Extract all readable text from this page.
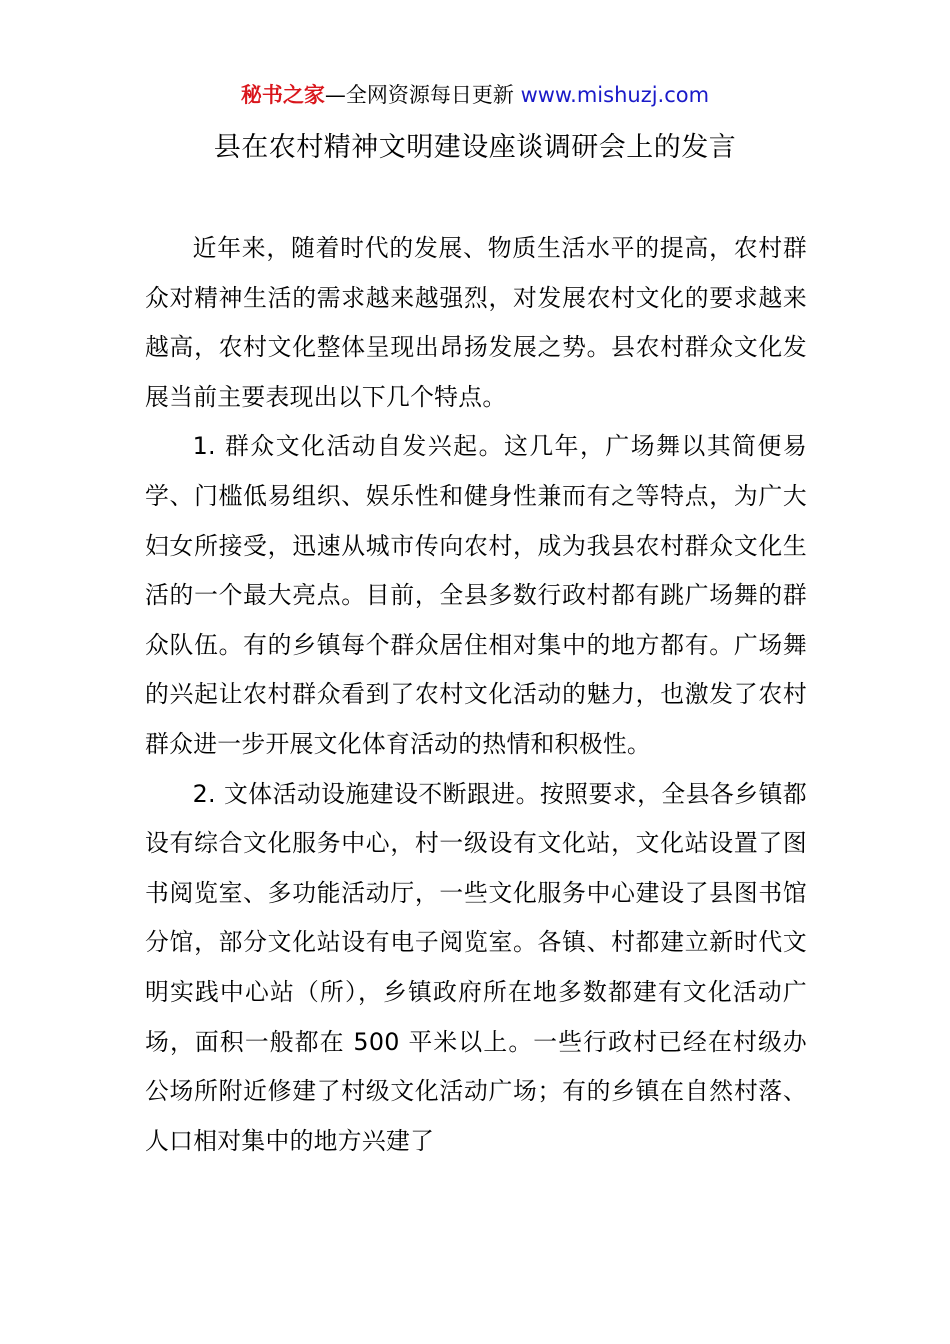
秘书之家—全网资源每日更新 www.mishuzj.com
县在农村精神文明建设座谈调研会上的发言

近年来，随着时代的发展、物质生活水平的提高，农村群众对精神生活的需求越来越强烈，对发展农村文化的要求越来越高，农村文化整体呈现出昂扬发展之势。县农村群众文化发展当前主要表现出以下几个特点。

1. 群众文化活动自发兴起。这几年，广场舞以其简便易学、门槛低易组织、娱乐性和健身性兼而有之等特点，为广大妇女所接受，迅速从城市传向农村，成为我县农村群众文化生活的一个最大亮点。目前，全县多数行政村都有跳广场舞的群众队伍。有的乡镇每个群众居住相对集中的地方都有。广场舞的兴起让农村群众看到了农村文化活动的魅力，也激发了农村群众进一步开展文化体育活动的热情和积极性。

2. 文体活动设施建设不断跟进。按照要求，全县各乡镇都设有综合文化服务中心，村一级设有文化站，文化站设置了图书阅览室、多功能活动厅，一些文化服务中心建设了县图书馆分馆，部分文化站设有电子阅览室。各镇、村都建立新时代文明实践中心站（所），乡镇政府所在地多数都建有文化活动广场，面积一般都在 500 平米以上。一些行政村已经在村级办公场所附近修建了村级文化活动广场；有的乡镇在自然村落、人口相对集中的地方兴建了
